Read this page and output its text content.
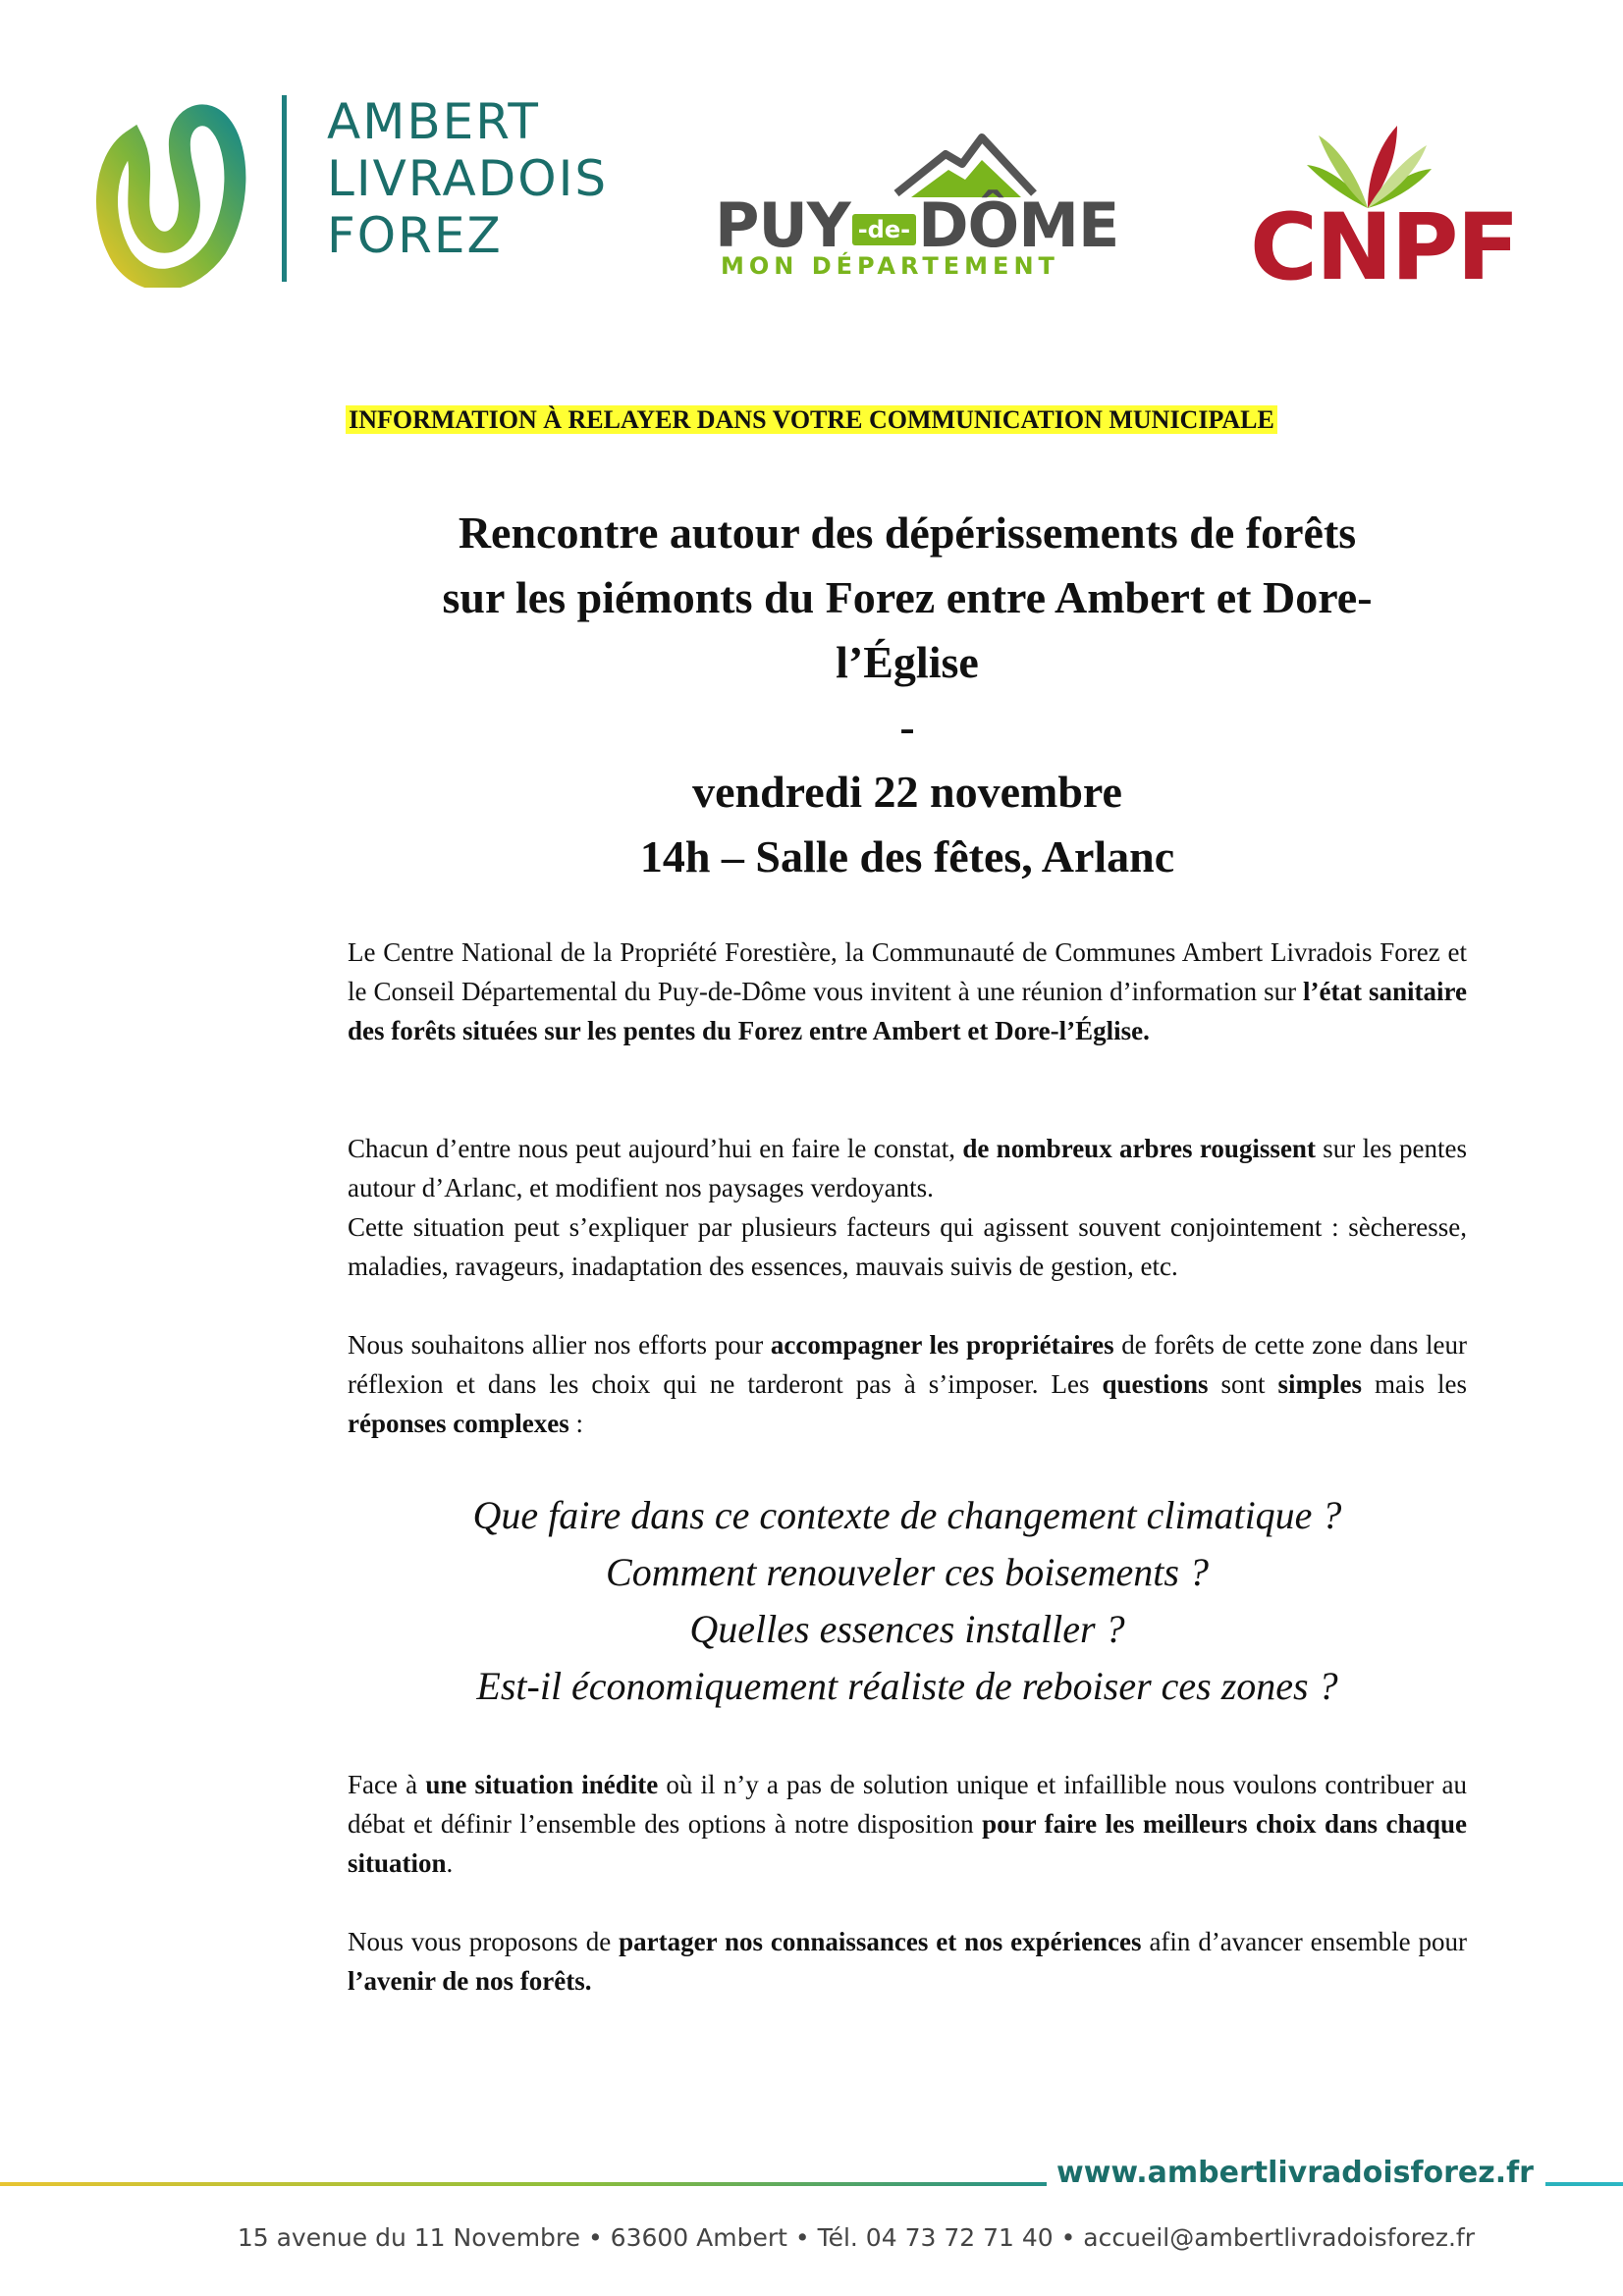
AMBERT
LIVRADOIS
FOREZ	PUY -de- DÔME
MON DÉPARTEMENT CNPF
INFORMATION À RELAYER DANS VOTRE COMMUNICATION MUNICIPALE
Rencontre autour des dépérissements de forêts
sur les piémonts du Forez entre Ambert et Dore-
l’Église
-
vendredi 22 novembre
14h – Salle des fêtes, Arlanc

Le Centre National de la Propriété Forestière, la Communauté de Communes Ambert Livradois Forez et le Conseil Départemental du Puy-de-Dôme vous invitent à une réunion d’information sur l’état sanitaire des forêts situées sur les pentes du Forez entre Ambert et Dore-l’Église.

Chacun d’entre nous peut aujourd’hui en faire le constat, de nombreux arbres rougissent sur les pentes autour d’Arlanc, et modifient nos paysages verdoyants.

Cette situation peut s’expliquer par plusieurs facteurs qui agissent souvent conjointement : sècheresse, maladies, ravageurs, inadaptation des essences, mauvais suivis de gestion, etc.

Nous souhaitons allier nos efforts pour accompagner les propriétaires de forêts de cette zone dans leur réflexion et dans les choix qui ne tarderont pas à s’imposer. Les questions sont simples mais les réponses complexes :

Que faire dans ce contexte de changement climatique ?
Comment renouveler ces boisements ?
Quelles essences installer ?
Est-il économiquement réaliste de reboiser ces zones ?

Face à une situation inédite où il n’y a pas de solution unique et infaillible nous voulons contribuer au débat et définir l’ensemble des options à notre disposition pour faire les meilleurs choix dans chaque situation.

Nous vous proposons de partager nos connaissances et nos expériences afin d’avancer ensemble pour l’avenir de nos forêts.

www.ambertlivradoisforez.fr
15 avenue du 11 Novembre • 63600 Ambert • Tél. 04 73 72 71 40 • accueil@ambertlivradoisforez.fr
